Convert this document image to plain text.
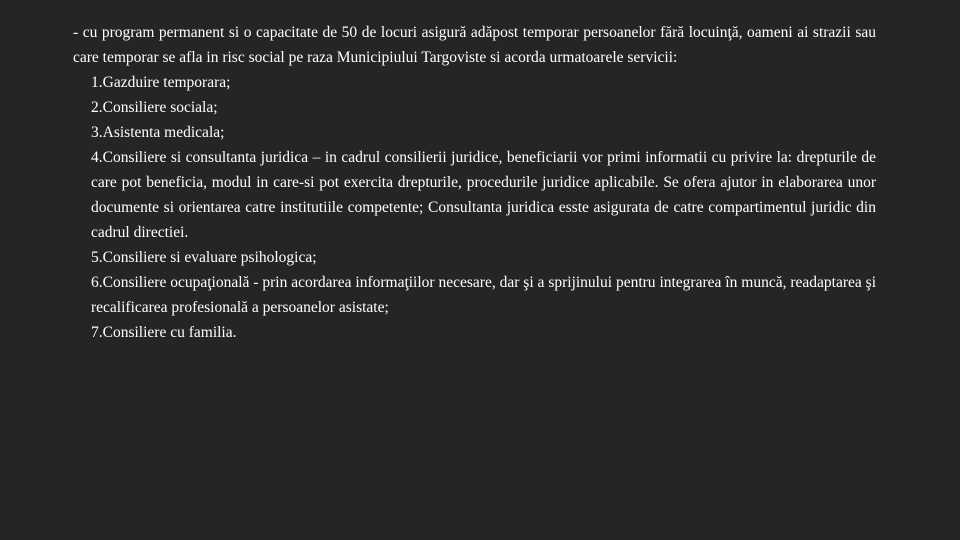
- cu program permanent si o capacitate de 50 de locuri asigură adăpost temporar persoanelor fără locuinţă, oameni ai strazii sau care temporar se afla in risc social pe raza Municipiului Targoviste si acorda urmatoarele servicii:

1.Gazduire temporara;
2.Consiliere sociala;
3.Asistenta medicala;
4.Consiliere si consultanta juridica – in cadrul consilierii juridice, beneficiarii vor primi informatii cu privire la: drepturile de care pot beneficia, modul in care-si pot exercita drepturile, procedurile juridice aplicabile. Se ofera ajutor in elaborarea unor documente si orientarea catre institutiile competente; Consultanta juridica esste asigurata de catre compartimentul juridic din cadrul directiei.
5.Consiliere si evaluare psihologica;
6.Consiliere ocupaţională - prin acordarea informaţiilor necesare, dar şi a sprijinului pentru integrarea în muncă, readaptarea şi recalificarea profesională a persoanelor asistate;
7.Consiliere cu familia.
